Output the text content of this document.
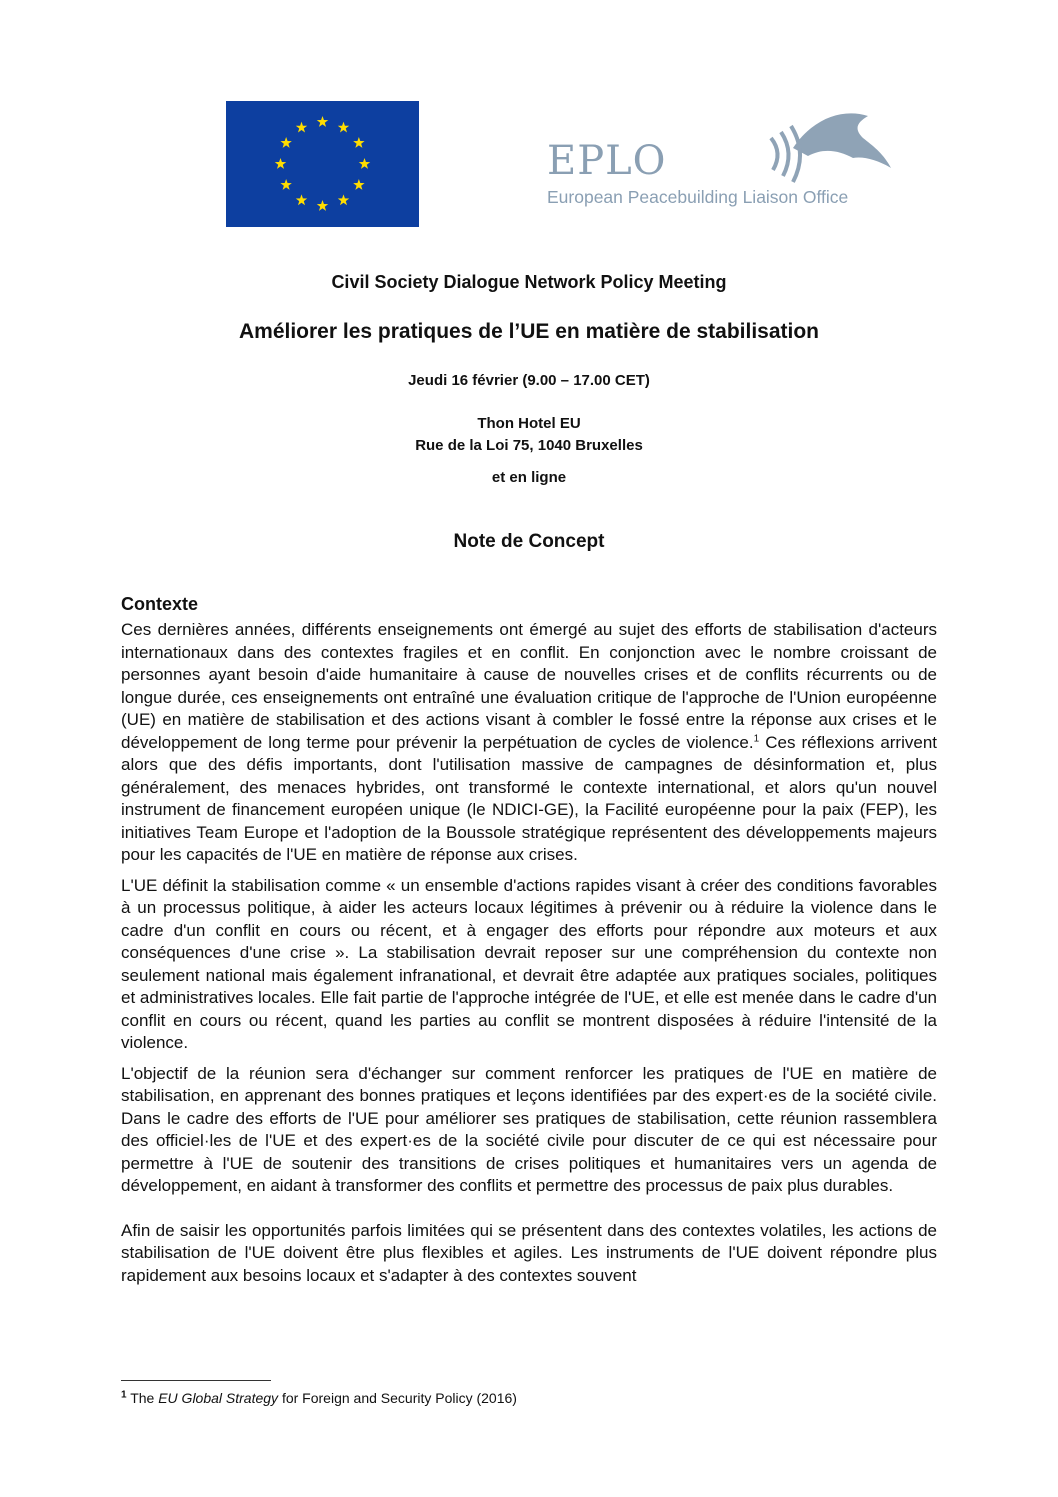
EPLO
European Peacebuilding Liaison Office
Civil Society Dialogue Network Policy Meeting
Améliorer les pratiques de l’UE en matière de stabilisation
Jeudi 16 février (9.00 – 17.00 CET)
Thon Hotel EU
Rue de la Loi 75, 1040 Bruxelles
et en ligne
Note de Concept

Contexte

Ces dernières années, différents enseignements ont émergé au sujet des efforts de stabilisation d'acteurs internationaux dans des contextes fragiles et en conflit. En conjonction avec le nombre croissant de personnes ayant besoin d'aide humanitaire à cause de nouvelles crises et de conflits récurrents ou de longue durée, ces enseignements ont entraîné une évaluation critique de l'approche de l'Union européenne (UE) en matière de stabilisation et des actions visant à combler le fossé entre la réponse aux crises et le développement de long terme pour prévenir la perpétuation de cycles de violence.$^1$ Ces réflexions arrivent alors que des défis importants, dont l'utilisation massive de campagnes de désinformation et, plus généralement, des menaces hybrides, ont transformé le contexte international, et alors qu'un nouvel instrument de financement européen unique (le NDICI-GE), la Facilité européenne pour la paix (FEP), les initiatives Team Europe et l'adoption de la Boussole stratégique représentent des développements majeurs pour les capacités de l'UE en matière de réponse aux crises.

L'UE définit la stabilisation comme « un ensemble d'actions rapides visant à créer des conditions favorables à un processus politique, à aider les acteurs locaux légitimes à prévenir ou à réduire la violence dans le cadre d'un conflit en cours ou récent, et à engager des efforts pour répondre aux moteurs et aux conséquences d'une crise ». La stabilisation devrait reposer sur une compréhension du contexte non seulement national mais également infranational, et devrait être adaptée aux pratiques sociales, politiques et administratives locales. Elle fait partie de l'approche intégrée de l'UE, et elle est menée dans le cadre d'un conflit en cours ou récent, quand les parties au conflit se montrent disposées à réduire l'intensité de la violence.

L'objectif de la réunion sera d'échanger sur comment renforcer les pratiques de l'UE en matière de stabilisation, en apprenant des bonnes pratiques et leçons identifiées par des expert·es de la société civile. Dans le cadre des efforts de l'UE pour améliorer ses pratiques de stabilisation, cette réunion rassemblera des officiel·les de l'UE et des expert·es de la société civile pour discuter de ce qui est nécessaire pour permettre à l'UE de soutenir des transitions de crises politiques et humanitaires vers un agenda de développement, en aidant à transformer des conflits et permettre des processus de paix plus durables.

Afin de saisir les opportunités parfois limitées qui se présentent dans des contextes volatiles, les actions de stabilisation de l'UE doivent être plus flexibles et agiles. Les instruments de l'UE doivent répondre plus rapidement aux besoins locaux et s'adapter à des contextes souvent

$^1$ The EU Global Strategy for Foreign and Security Policy (2016)
